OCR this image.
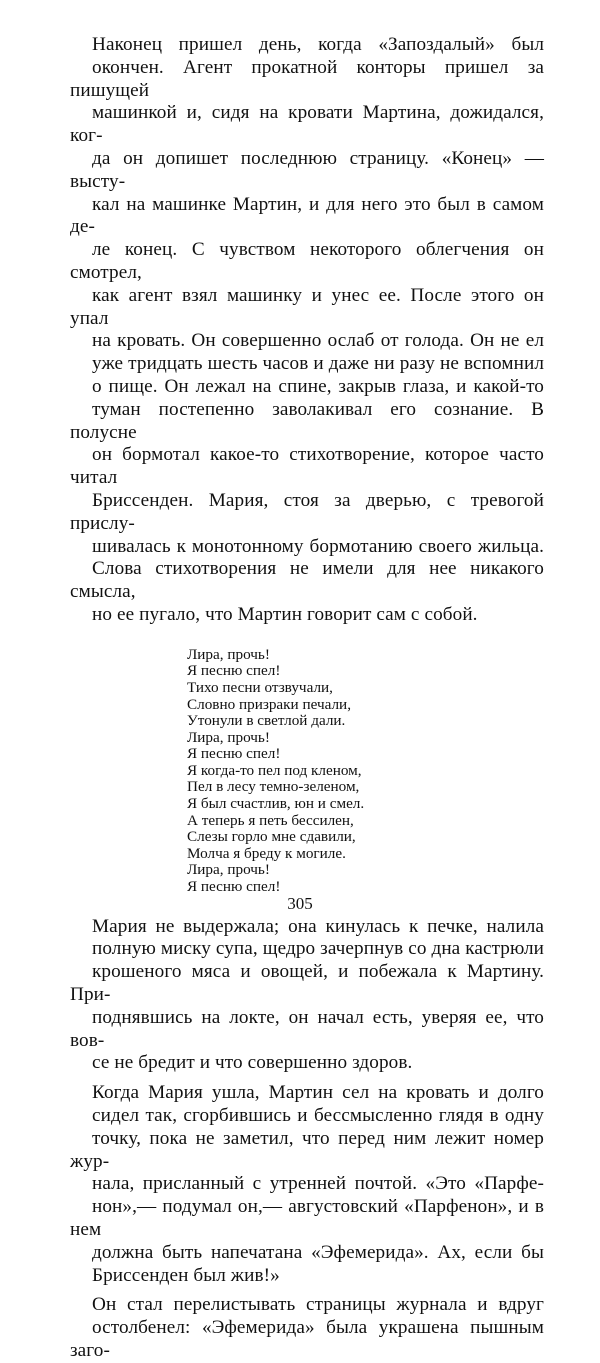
Наконец пришел день, когда «Запоздалый» был
окончен. Агент прокатной конторы пришел за пишущей
машинкой и, сидя на кровати Мартина, дожидался, ког-
да он допишет последнюю страницу. «Конец» — высту-
кал на машинке Мартин, и для него это был в самом де-
ле конец. С чувством некоторого облегчения он смотрел,
как агент взял машинку и унес ее. После этого он упал
на кровать. Он совершенно ослаб от голода. Он не ел
уже тридцать шесть часов и даже ни разу не вспомнил
о пище. Он лежал на спине, закрыв глаза, и какой-то
туман постепенно заволакивал его сознание. В полусне
он бормотал какое-то стихотворение, которое часто читал
Бриссенден. Мария, стоя за дверью, с тревогой прислу-
шивалась к монотонному бормотанию своего жильца.
Слова стихотворения не имели для нее никакого смысла,
но ее пугало, что Мартин говорит сам с собой.

Лира, прочь!
Я песню спел!
Тихо песни отзвучали,
Словно призраки печали,
Утонули в светлой дали.
Лира, прочь!
Я песню спел!
Я когда-то пел под кленом,
Пел в лесу темно-зеленом,
Я был счастлив, юн и смел.
А теперь я петь бессилен,
Слезы горло мне сдавили,
Молча я бреду к могиле.
Лира, прочь!
Я песню спел!

Мария не выдержала; она кинулась к печке, налила
полную миску супа, щедро зачерпнув со дна кастрюли
крошеного мяса и овощей, и побежала к Мартину. При-
поднявшись на локте, он начал есть, уверяя ее, что вов-
се не бредит и что совершенно здоров.

Когда Мария ушла, Мартин сел на кровать и долго
сидел так, сгорбившись и бессмысленно глядя в одну
точку, пока не заметил, что перед ним лежит номер жур-
нала, присланный с утренней почтой. «Это «Парфе-
нон»,— подумал он,— августовский «Парфенон», и в нем
должна быть напечатана «Эфемерида». Ах, если бы
Бриссенден был жив!»

Он стал перелистывать страницы журнала и вдруг
остолбенел: «Эфемерида» была украшена пышным заго-

305
